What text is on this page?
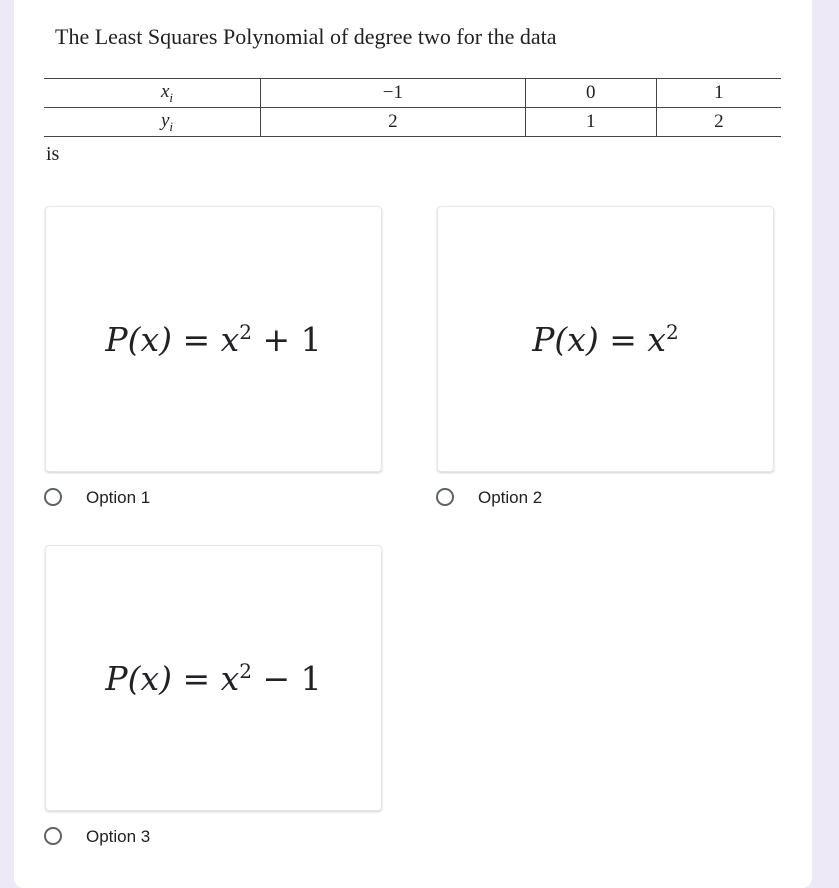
The Least Squares Polynomial of degree two for the data
$x_i$	−1	0	1
$y_i$	2	1	2
is
$P(x) = x^2 + 1$
Option 1
$P(x) = x^2$
Option 2
$P(x) = x^2 - 1$
Option 3
